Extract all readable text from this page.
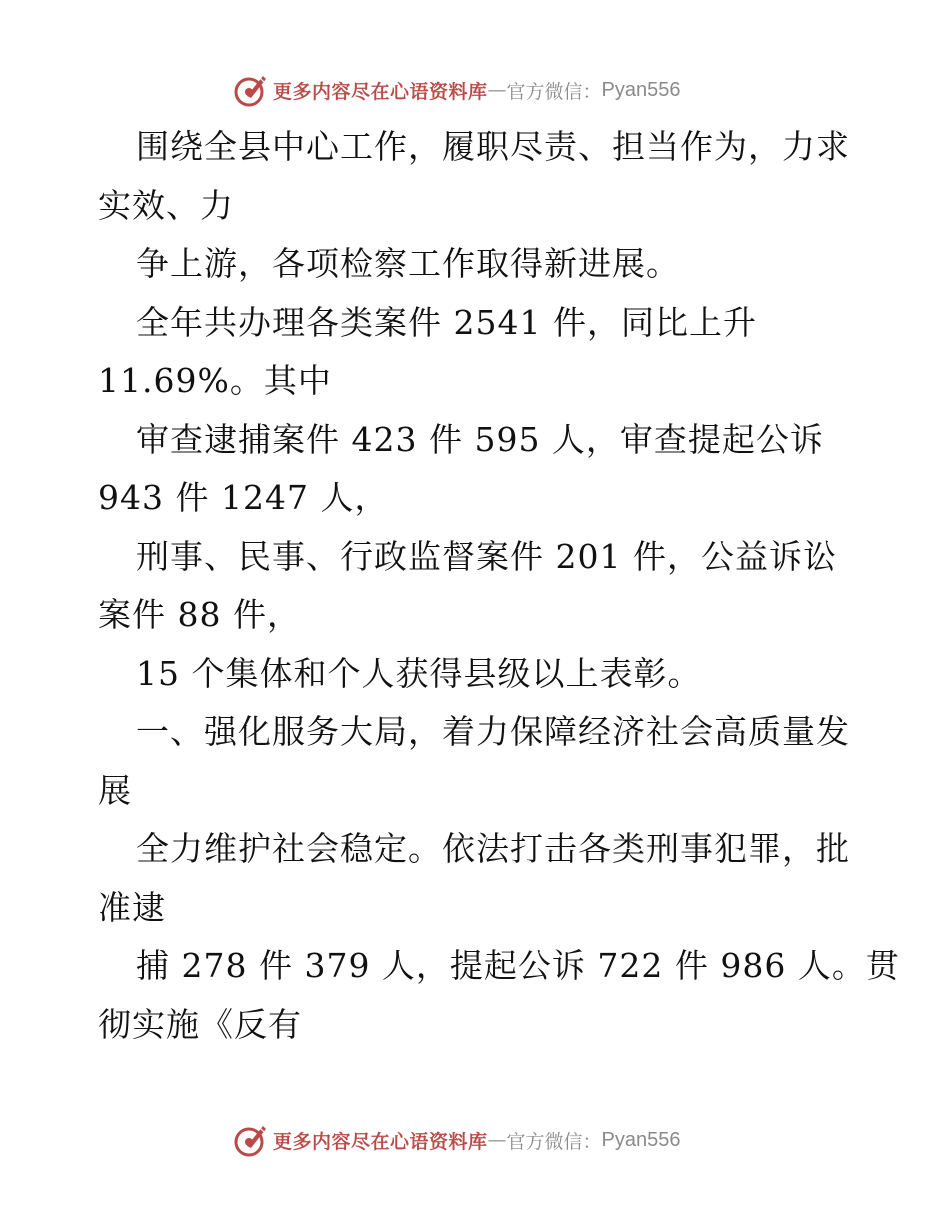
更多内容尽在心语资料库 — 官方微信： Pyan556
围绕全县中心工作，履职尽责、担当作为，力求
实效、力
争上游，各项检察工作取得新进展。
全年共办理各类案件 2541 件，同比上升
11.69%。其中
审查逮捕案件 423 件 595 人，审查提起公诉
943 件 1247 人，
刑事、民事、行政监督案件 201 件，公益诉讼
案件 88 件，
15 个集体和个人获得县级以上表彰。
一、强化服务大局，着力保障经济社会高质量发
展
全力维护社会稳定。依法打击各类刑事犯罪，批
准逮
捕 278 件 379 人，提起公诉 722 件 986 人。贯
彻实施《反有
更多内容尽在心语资料库 — 官方微信： Pyan556
